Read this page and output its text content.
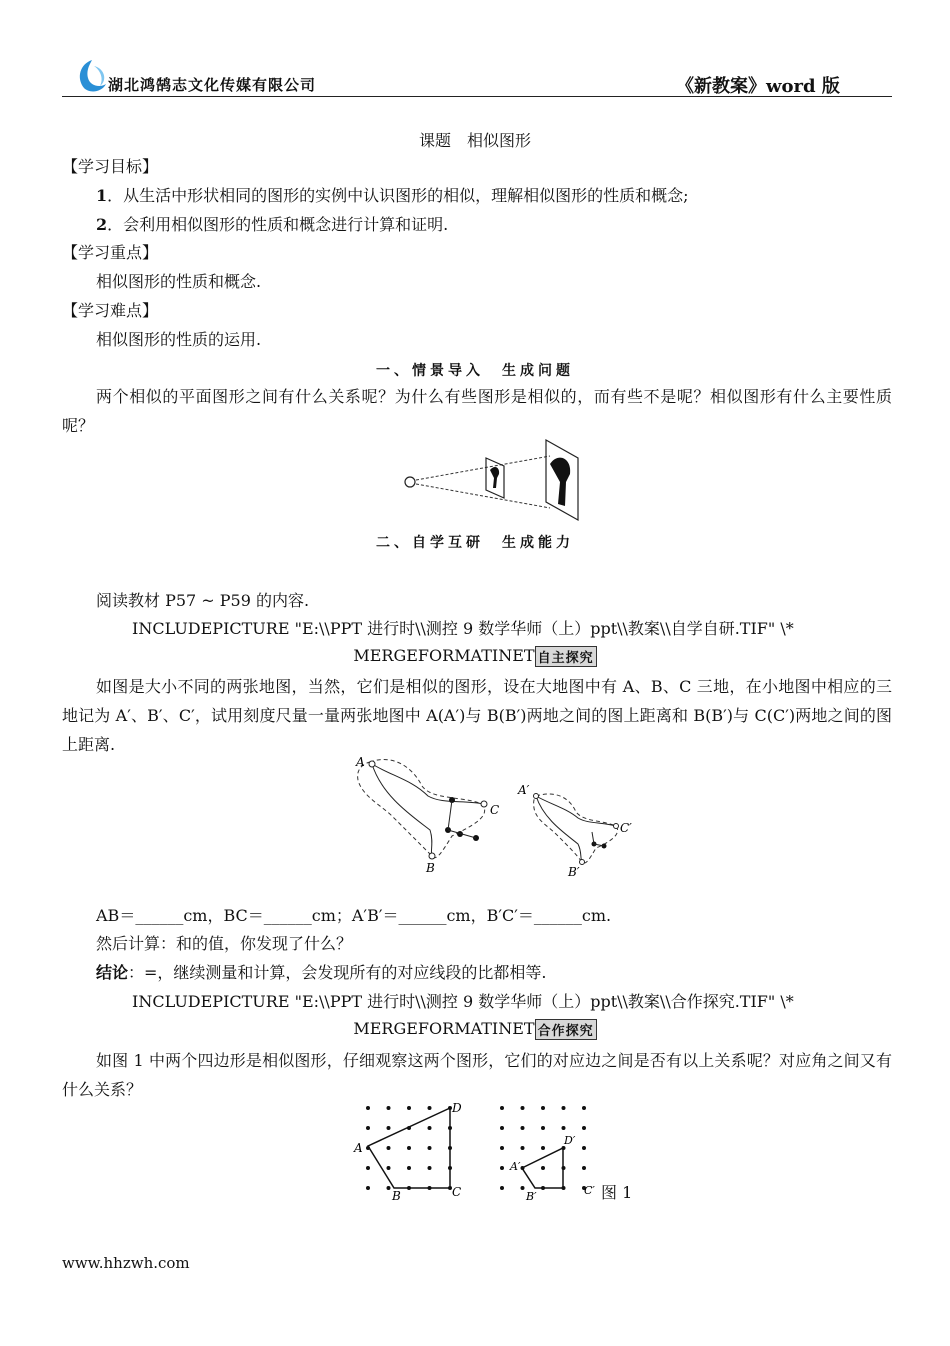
湖北鸿鹄志文化传媒有限公司	《新教案》word 版
课题　相似图形
【学习目标】
1．从生活中形状相同的图形的实例中认识图形的相似，理解相似图形的性质和概念;
2．会利用相似图形的性质和概念进行计算和证明.
【学习重点】
相似图形的性质和概念.
【学习难点】
相似图形的性质的运用.
一、情景导入　生成问题
两个相似的平面图形之间有什么关系呢？为什么有些图形是相似的，而有些不是呢？相似图形有什么主要性质呢？
二、自学互研　生成能力
阅读教材 P57 ~ P59 的内容.
INCLUDEPICTURE "E:\\PPT 进行时\\测控 9 数学华师（上）ppt\\教案\\自学自研.TIF" \*
MERGEFORMATINET 自主探究
如图是大小不同的两张地图，当然，它们是相似的图形，设在大地图中有 A、B、C 三地，在小地图中相应的三地记为 A′、B′、C′，试用刻度尺量一量两张地图中 A(A′)与 B(B′)两地之间的图上距离和 B(B′)与 C(C′)两地之间的图上距离.
A
B
C
A′
B′
C′
AB＝______cm，BC＝______cm；A′B′＝______cm，B′C′＝______cm.
然后计算：和的值，你发现了什么？
结论：=，继续测量和计算，会发现所有的对应线段的比都相等.
INCLUDEPICTURE "E:\\PPT 进行时\\测控 9 数学华师（上）ppt\\教案\\合作探究.TIF" \*
MERGEFORMATINET 合作探究
如图 1 中两个四边形是相似图形，仔细观察这两个图形，它们的对应边之间是否有以上关系呢？对应角之间又有什么关系？
A
B	C
D
A′
B′
D′
C′ 图 1
www.hhzwh.com
